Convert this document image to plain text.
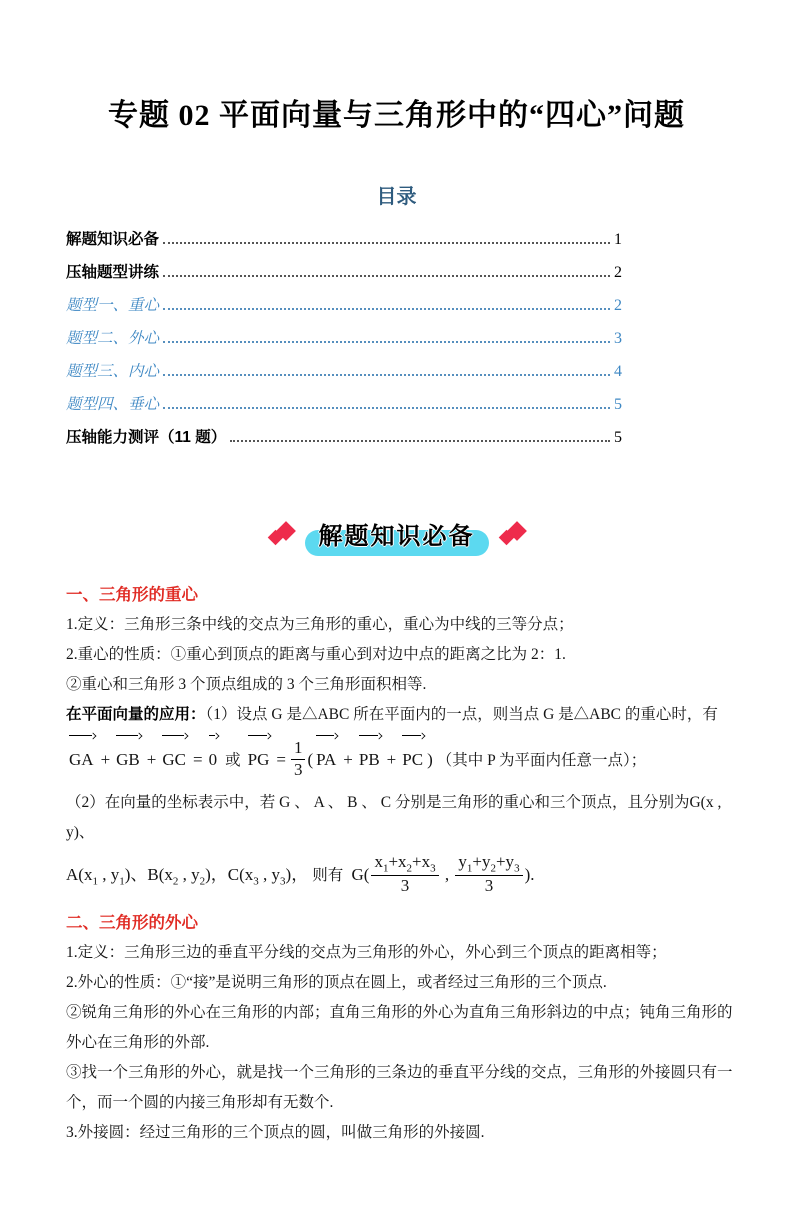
专题 02 平面向量与三角形中的“四心”问题
目录
解题知识必备	1
压轴题型讲练	2
题型一、重心	2
题型二、外心	3
题型三、内心	4
题型四、垂心	5
压轴能力测评（11 题）	5
解题知识必备

一、三角形的重心

1.定义：三角形三条中线的交点为三角形的重心，重心为中线的三等分点；

2.重心的性质：①重心到顶点的距离与重心到对边中点的距离之比为 2：1.

②重心和三角形 3 个顶点组成的 3 个三角形面积相等.

在平面向量的应用：（1）设点 G 是△ABC 所在平面内的一点，则当点 G 是△ABC 的重心时，有

GA + GB + GC = 0 或 PG = $\frac{1}{3}$ ( PA + PB + PC ) （其中 P 为平面内任意一点）；

（2）在向量的坐标表示中，若 G 、 A 、 B 、 C 分别是三角形的重心和三个顶点，且分别为G(x , y)、

$A(x_1$ , $y_1$)、$B(x_2$ , $y_2$)，$C(x_3$ , $y_3$)， 则有 $G( \frac{x_1+x_2+x_3}{3}$ , $\frac{y_1+y_2+y_3}{3}$ ).

二、三角形的外心

1.定义：三角形三边的垂直平分线的交点为三角形的外心，外心到三个顶点的距离相等；

2.外心的性质：①“接”是说明三角形的顶点在圆上，或者经过三角形的三个顶点.

②锐角三角形的外心在三角形的内部；直角三角形的外心为直角三角形斜边的中点；钝角三角形的外心在三角形的外部.

③找一个三角形的外心，就是找一个三角形的三条边的垂直平分线的交点，三角形的外接圆只有一个，而一个圆的内接三角形却有无数个.

3.外接圆：经过三角形的三个顶点的圆，叫做三角形的外接圆.
